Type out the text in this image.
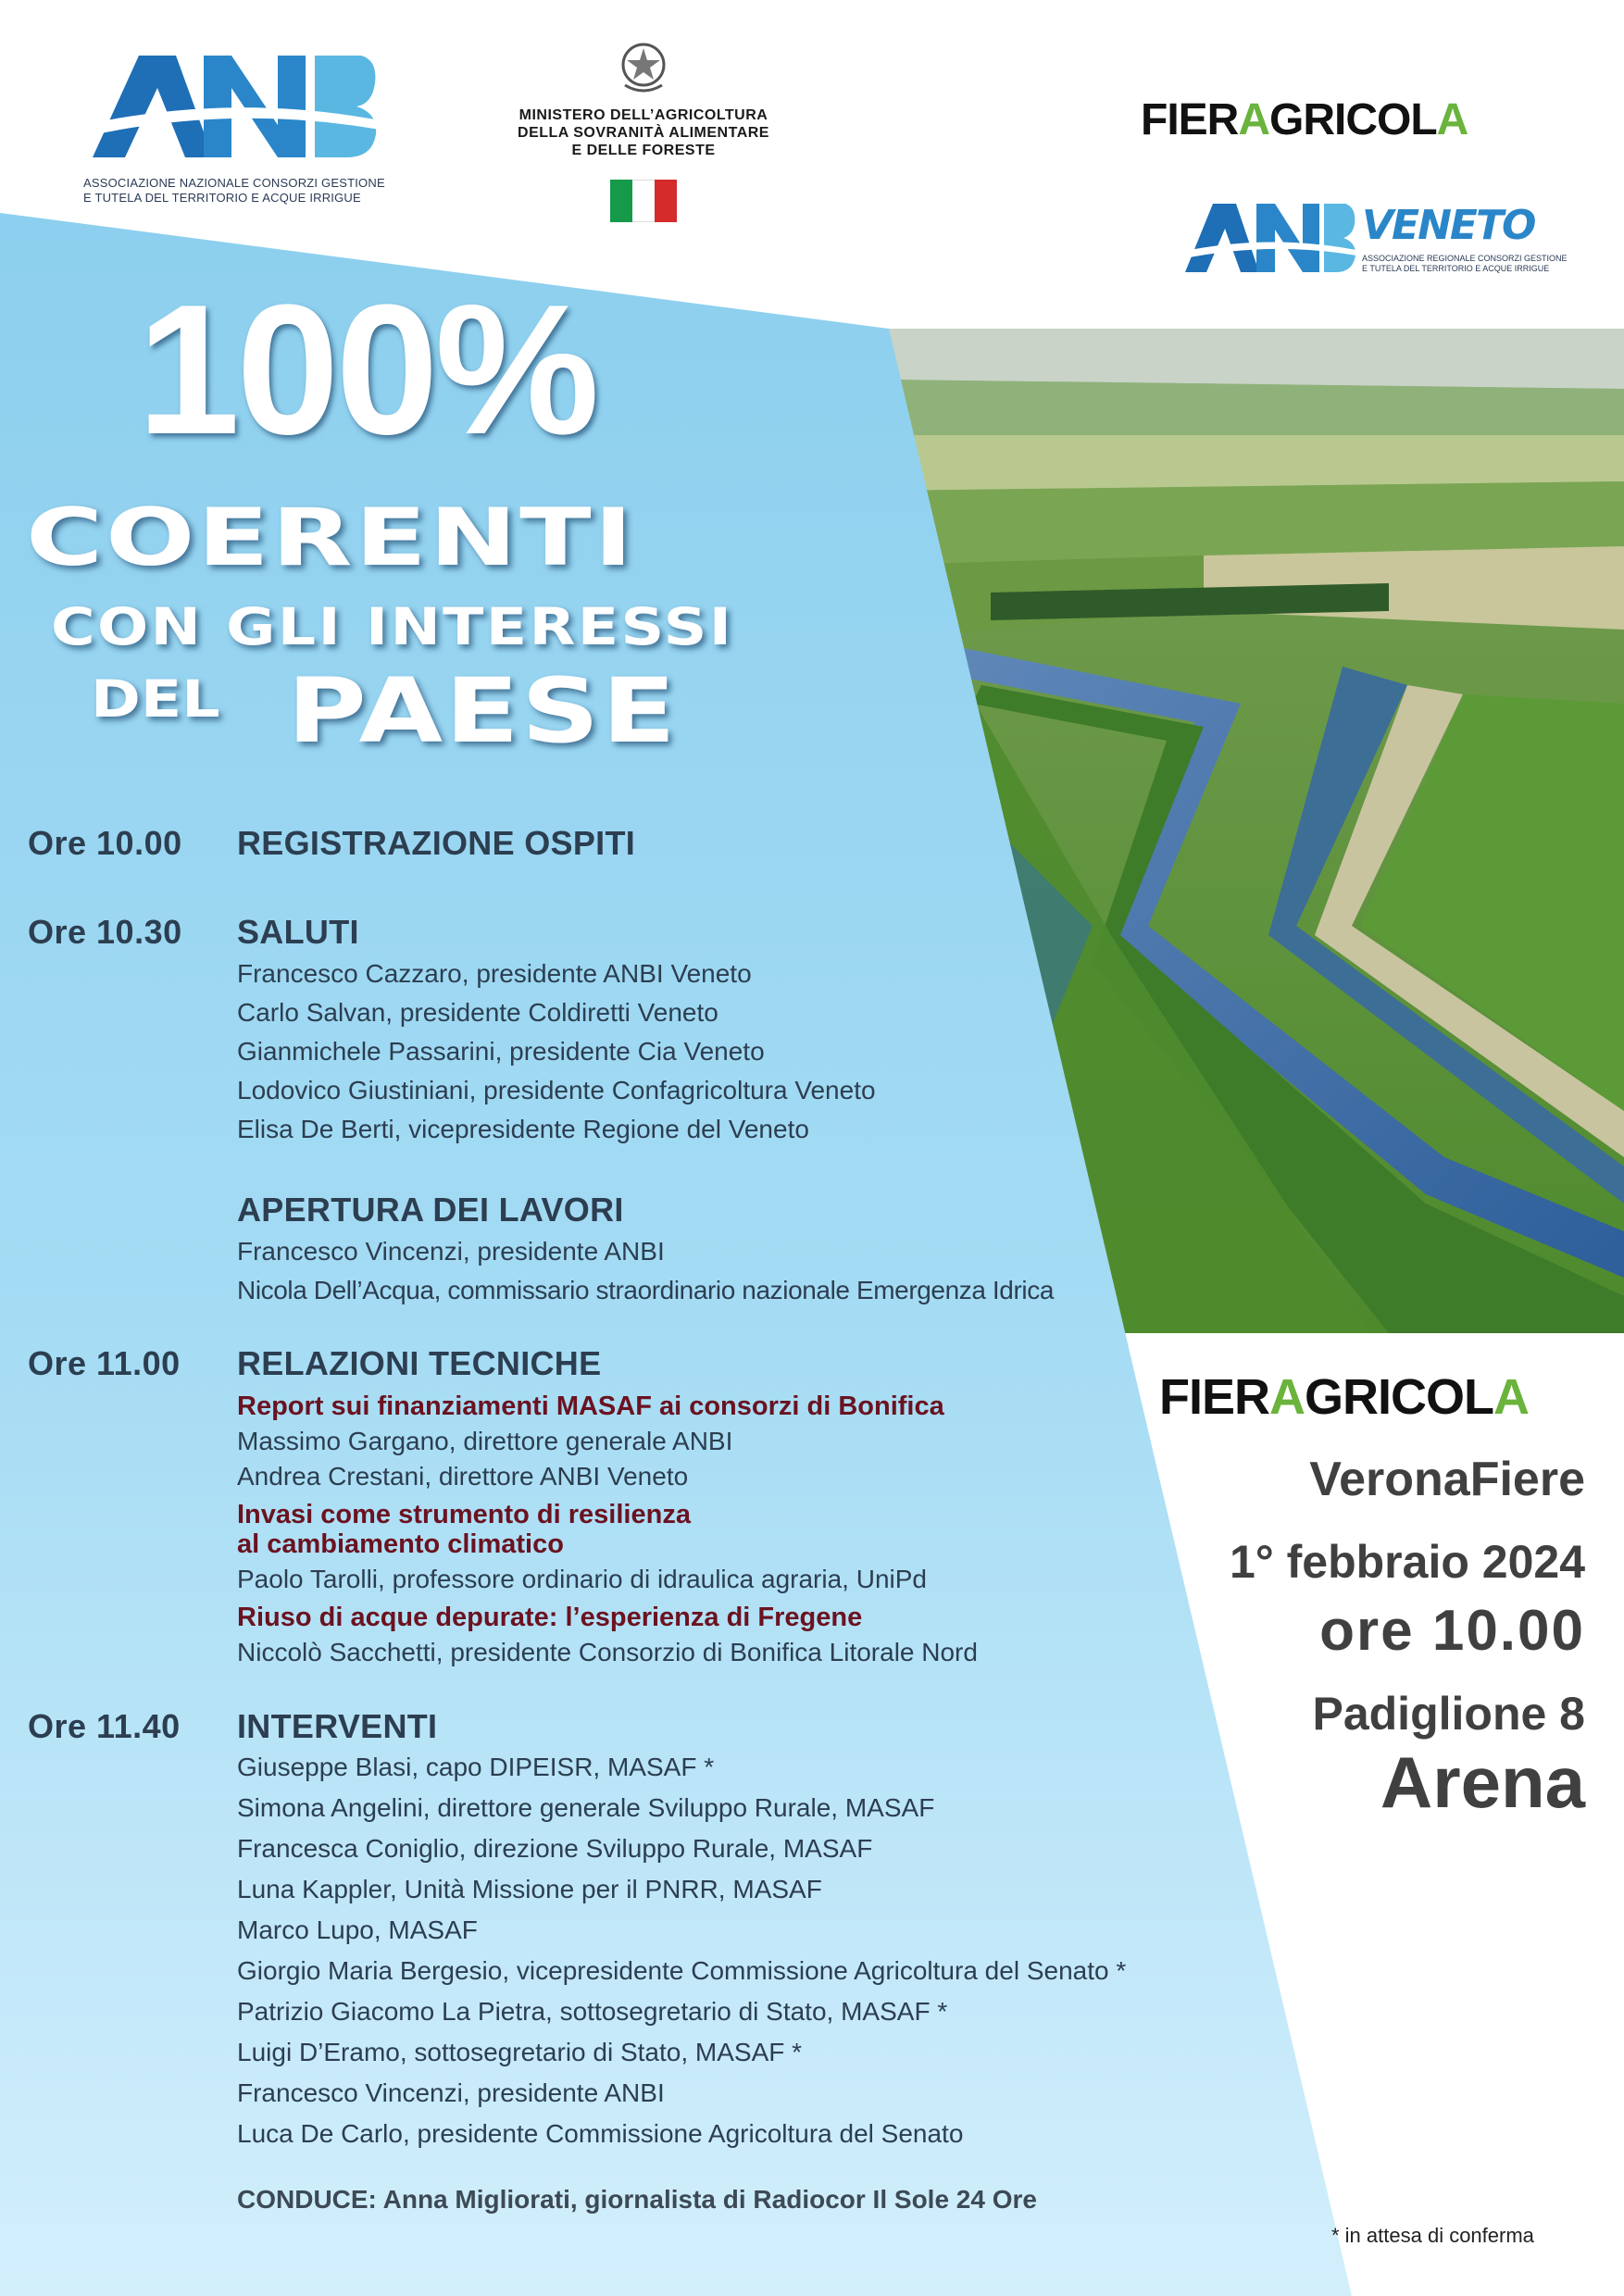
ASSOCIAZIONE NAZIONALE CONSORZI GESTIONE
E TUTELA DEL TERRITORIO E ACQUE IRRIGUE
MINISTERO DELL’AGRICOLTURA
DELLA SOVRANITÀ ALIMENTARE
E DELLE FORESTE
FIERAGRICOLA
VENETO
ASSOCIAZIONE REGIONALE CONSORZI GESTIONE
E TUTELA DEL TERRITORIO E ACQUE IRRIGUE
100%
COERENTI
CON GLI INTERESSI
DEL PAESE
Ore 10.00 REGISTRAZIONE OSPITI
Ore 10.30 SALUTI
Francesco Cazzaro, presidente ANBI Veneto
Carlo Salvan, presidente Coldiretti Veneto
Gianmichele Passarini, presidente Cia Veneto
Lodovico Giustiniani, presidente Confagricoltura Veneto
Elisa De Berti, vicepresidente Regione del Veneto
APERTURA DEI LAVORI
Francesco Vincenzi, presidente ANBI
Nicola Dell’Acqua, commissario straordinario nazionale Emergenza Idrica
Ore 11.00 RELAZIONI TECNICHE
Report sui finanziamenti MASAF ai consorzi di Bonifica
Massimo Gargano, direttore generale ANBI
Andrea Crestani, direttore ANBI Veneto
Invasi come strumento di resilienza
al cambiamento climatico
Paolo Tarolli, professore ordinario di idraulica agraria, UniPd
Riuso di acque depurate: l’esperienza di Fregene
Niccolò Sacchetti, presidente Consorzio di Bonifica Litorale Nord
Ore 11.40 INTERVENTI
Giuseppe Blasi, capo DIPEISR, MASAF *
Simona Angelini, direttore generale Sviluppo Rurale, MASAF
Francesca Coniglio, direzione Sviluppo Rurale, MASAF
Luna Kappler, Unità Missione per il PNRR, MASAF
Marco Lupo, MASAF
Giorgio Maria Bergesio, vicepresidente Commissione Agricoltura del Senato *
Patrizio Giacomo La Pietra, sottosegretario di Stato, MASAF *
Luigi D’Eramo, sottosegretario di Stato, MASAF *
Francesco Vincenzi, presidente ANBI
Luca De Carlo, presidente Commissione Agricoltura del Senato
CONDUCE: Anna Migliorati, giornalista di Radiocor Il Sole 24 Ore
FIERAGRICOLA
VeronaFiere
1° febbraio 2024
ore 10.00
Padiglione 8
Arena
* in attesa di conferma
